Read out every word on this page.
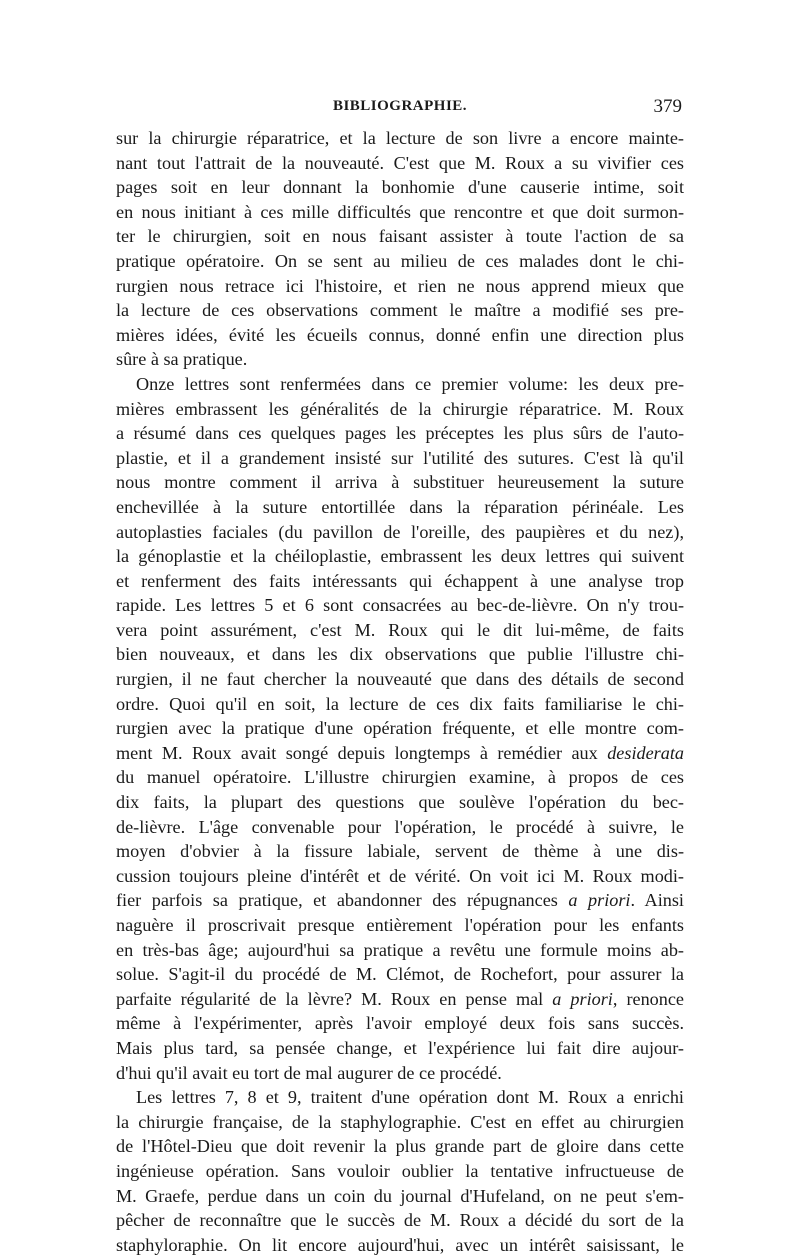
BIBLIOGRAPHIE.	379
sur la chirurgie réparatrice, et la lecture de son livre a encore mainte-
nant tout l'attrait de la nouveauté. C'est que M. Roux a su vivifier ces
pages soit en leur donnant la bonhomie d'une causerie intime, soit
en nous initiant à ces mille difficultés que rencontre et que doit surmon-
ter le chirurgien, soit en nous faisant assister à toute l'action de sa
pratique opératoire. On se sent au milieu de ces malades dont le chi-
rurgien nous retrace ici l'histoire, et rien ne nous apprend mieux que
la lecture de ces observations comment le maître a modifié ses pre-
mières idées, évité les écueils connus, donné enfin une direction plus
sûre à sa pratique.
Onze lettres sont renfermées dans ce premier volume: les deux pre-
mières embrassent les généralités de la chirurgie réparatrice. M. Roux
a résumé dans ces quelques pages les préceptes les plus sûrs de l'auto-
plastie, et il a grandement insisté sur l'utilité des sutures. C'est là qu'il
nous montre comment il arriva à substituer heureusement la suture
enchevillée à la suture entortillée dans la réparation périnéale. Les
autoplasties faciales (du pavillon de l'oreille, des paupières et du nez),
la génoplastie et la chéiloplastie, embrassent les deux lettres qui suivent
et renferment des faits intéressants qui échappent à une analyse trop
rapide. Les lettres 5 et 6 sont consacrées au bec-de-lièvre. On n'y trou-
vera point assurément, c'est M. Roux qui le dit lui-même, de faits
bien nouveaux, et dans les dix observations que publie l'illustre chi-
rurgien, il ne faut chercher la nouveauté que dans des détails de second
ordre. Quoi qu'il en soit, la lecture de ces dix faits familiarise le chi-
rurgien avec la pratique d'une opération fréquente, et elle montre com-
ment M. Roux avait songé depuis longtemps à remédier aux desiderata
du manuel opératoire. L'illustre chirurgien examine, à propos de ces
dix faits, la plupart des questions que soulève l'opération du bec-
de-lièvre. L'âge convenable pour l'opération, le procédé à suivre, le
moyen d'obvier à la fissure labiale, servent de thème à une dis-
cussion toujours pleine d'intérêt et de vérité. On voit ici M. Roux modi-
fier parfois sa pratique, et abandonner des répugnances a priori. Ainsi
naguère il proscrivait presque entièrement l'opération pour les enfants
en très-bas âge; aujourd'hui sa pratique a revêtu une formule moins ab-
solue. S'agit-il du procédé de M. Clémot, de Rochefort, pour assurer la
parfaite régularité de la lèvre? M. Roux en pense mal a priori, renonce
même à l'expérimenter, après l'avoir employé deux fois sans succès.
Mais plus tard, sa pensée change, et l'expérience lui fait dire aujour-
d'hui qu'il avait eu tort de mal augurer de ce procédé.
Les lettres 7, 8 et 9, traitent d'une opération dont M. Roux a enrichi
la chirurgie française, de la staphylographie. C'est en effet au chirurgien
de l'Hôtel-Dieu que doit revenir la plus grande part de gloire dans cette
ingénieuse opération. Sans vouloir oublier la tentative infructueuse de
M. Graefe, perdue dans un coin du journal d'Hufeland, on ne peut s'em-
pêcher de reconnaître que le succès de M. Roux a décidé du sort de la
staphyloraphie. On lit encore aujourd'hui, avec un intérêt saisissant, le
